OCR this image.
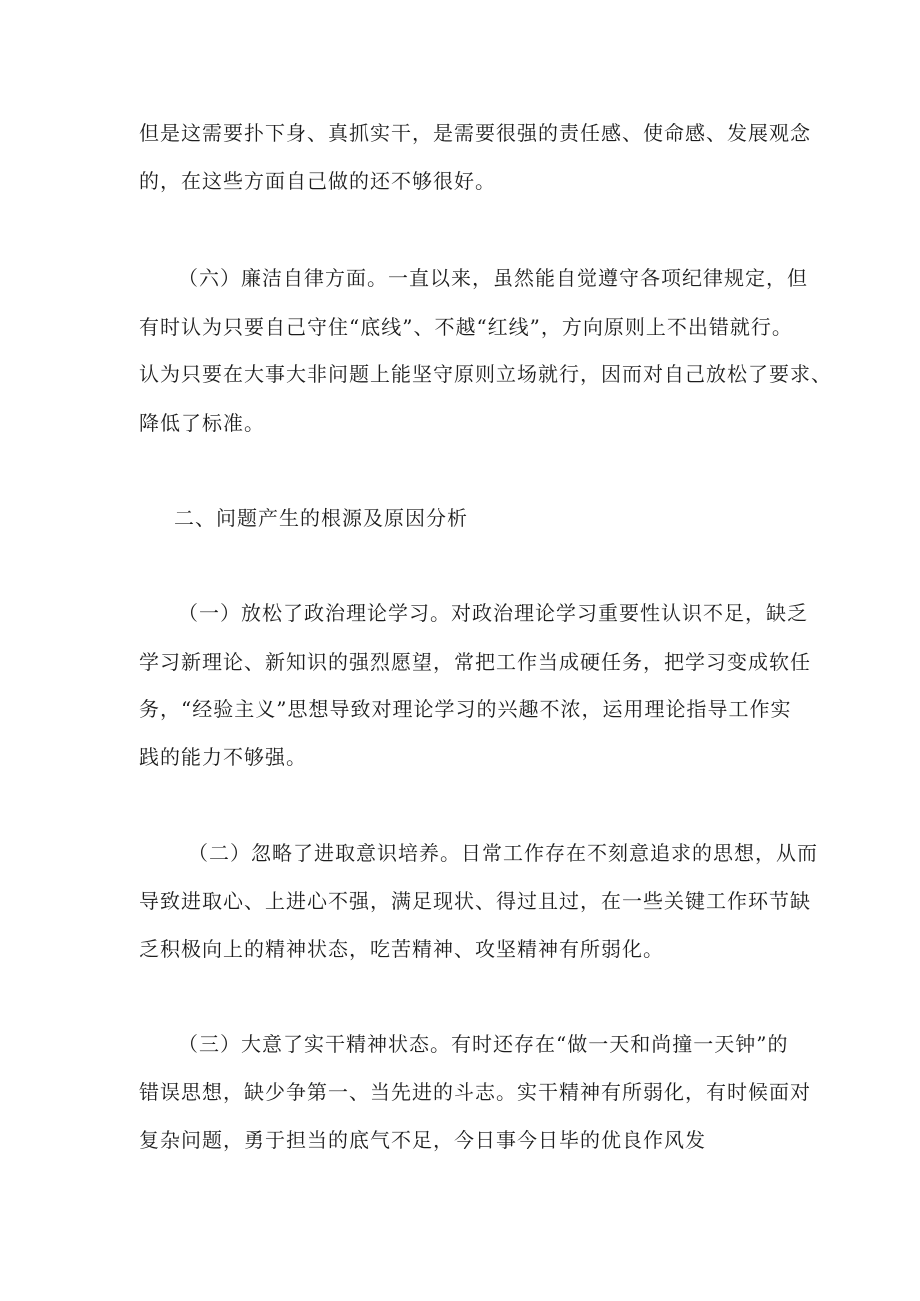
但是这需要扑下身、真抓实干，是需要很强的责任感、使命感、发展观念

的，在这些方面自己做的还不够很好。

（六）廉洁自律方面。一直以来，虽然能自觉遵守各项纪律规定，但

有时认为只要自己守住“底线”、不越“红线”，方向原则上不出错就行。

认为只要在大事大非问题上能坚守原则立场就行，因而对自己放松了要求、

降低了标准。

二、问题产生的根源及原因分析

（一）放松了政治理论学习。对政治理论学习重要性认识不足，缺乏

学习新理论、新知识的强烈愿望，常把工作当成硬任务，把学习变成软任

务，“经验主义”思想导致对理论学习的兴趣不浓，运用理论指导工作实

践的能力不够强。

（二）忽略了进取意识培养。日常工作存在不刻意追求的思想，从而

导致进取心、上进心不强，满足现状、得过且过，在一些关键工作环节缺

乏积极向上的精神状态，吃苦精神、攻坚精神有所弱化。

（三）大意了实干精神状态。有时还存在“做一天和尚撞一天钟”的

错误思想，缺少争第一、当先进的斗志。实干精神有所弱化，有时候面对

复杂问题，勇于担当的底气不足，今日事今日毕的优良作风发
